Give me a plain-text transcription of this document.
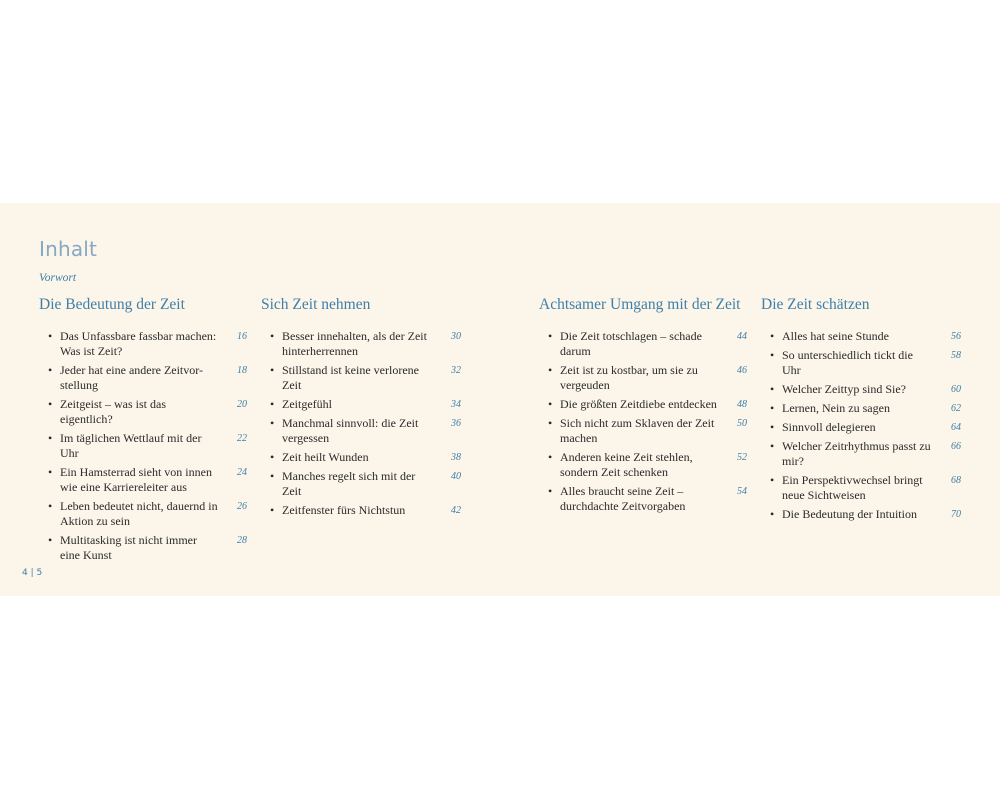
Inhalt
Vorwort
Die Bedeutung der Zeit
• Das Unfassbare fassbar machen: Was ist Zeit?
16
• Jeder hat eine andere Zeitvor-stellung
18
• Zeitgeist – was ist das eigentlich?
20
• Im täglichen Wettlauf mit der Uhr
22
• Ein Hamsterrad sieht von innen wie eine Karriereleiter aus
24
• Leben bedeutet nicht, dauernd in Aktion zu sein
26
• Multitasking ist nicht immer eine Kunst
28
Sich Zeit nehmen
• Besser innehalten, als der Zeit hinterherrennen
30
• Stillstand ist keine verlorene Zeit
32
• Zeitgefühl	34
• Manchmal sinnvoll: die Zeit vergessen
36
• Zeit heilt Wunden	38
• Manches regelt sich mit der Zeit
40
• Zeitfenster fürs Nichtstun	42
Achtsamer Umgang mit der Zeit
• Die Zeit totschlagen – schade darum
44
• Zeit ist zu kostbar, um sie zu vergeuden
46
• Die größten Zeitdiebe entdecken 48
• Sich nicht zum Sklaven der Zeit machen
50
• Anderen keine Zeit stehlen, sondern Zeit schenken
52
• Alles braucht seine Zeit – durchdachte Zeitvorgaben
54
Die Zeit schätzen
• Alles hat seine Stunde	56
• So unterschiedlich tickt die Uhr
58
• Welcher Zeittyp sind Sie?	60
• Lernen, Nein zu sagen	62
• Sinnvoll delegieren	64
• Welcher Zeitrhythmus passt zu mir?
66
• Ein Perspektivwechsel bringt neue Sichtweisen
68
• Die Bedeutung der Intuition	70
4 | 5
